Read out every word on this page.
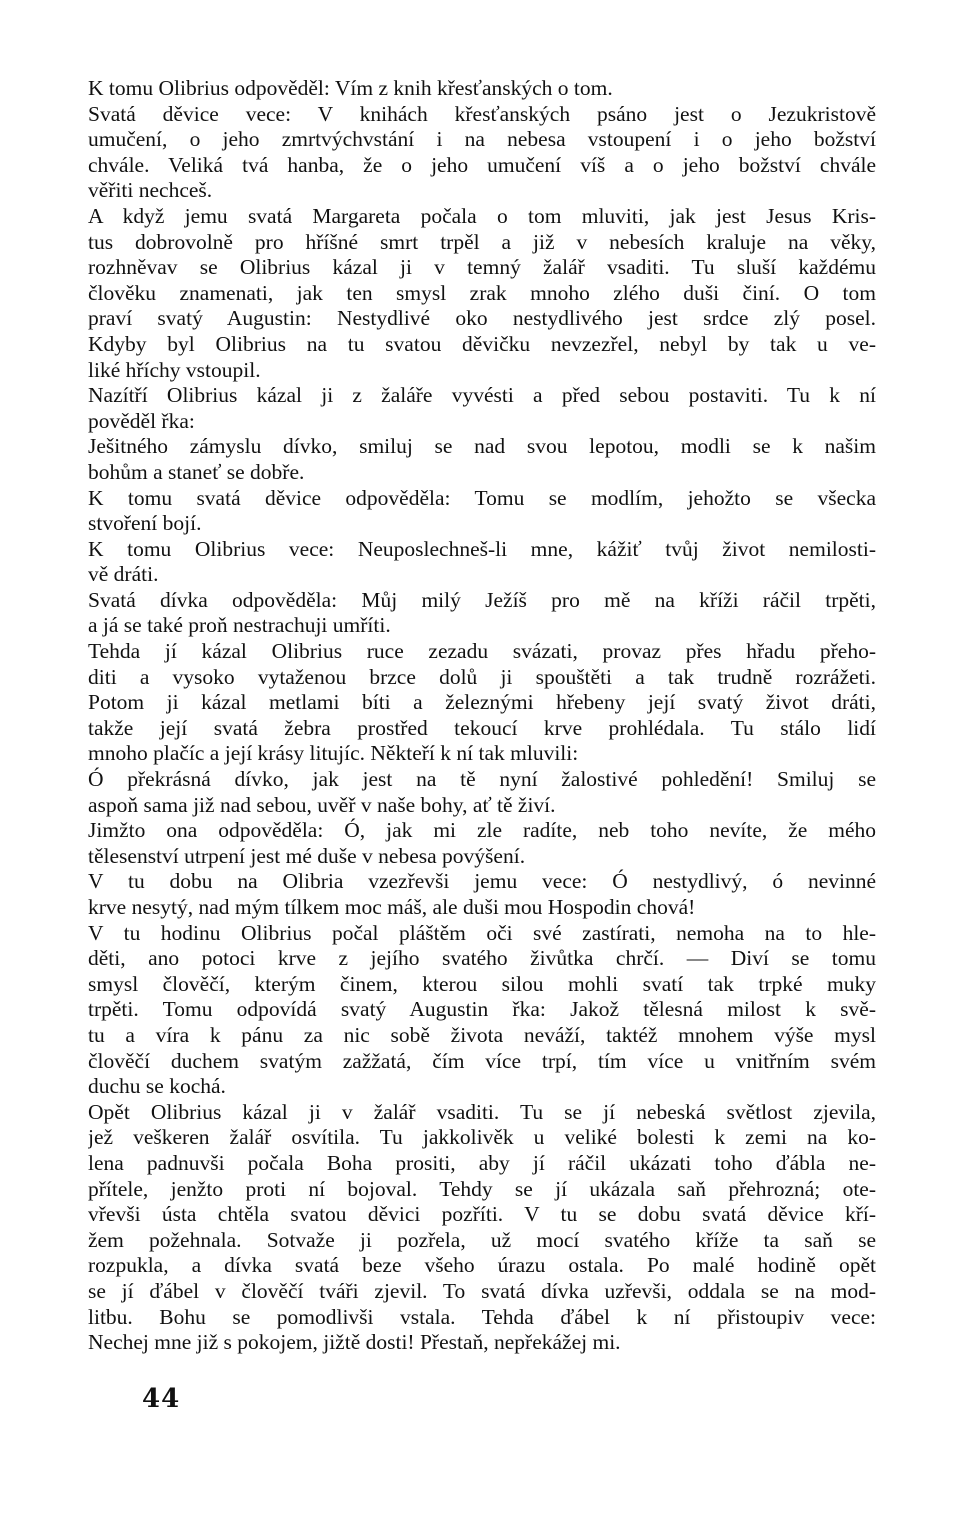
K tomu Olibrius odpověděl: Vím z knih křesťanských o tom.
Svatá děvice vece: V knihách křesťanských psáno jest o Jezukristově
umučení, o jeho zmrtvýchvstání i na nebesa vstoupení i o jeho božství
chvále. Veliká tvá hanba, že o jeho umučení víš a o jeho božství chvále
věřiti nechceš.
A když jemu svatá Margareta počala o tom mluviti, jak jest Jesus Kris-
tus dobrovolně pro hříšné smrt trpěl a již v nebesích kraluje na věky,
rozhněvav se Olibrius kázal ji v temný žalář vsaditi. Tu sluší každému
člověku znamenati, jak ten smysl zrak mnoho zlého duši činí. O tom
praví svatý Augustin: Nestydlivé oko nestydlivého jest srdce zlý posel.
Kdyby byl Olibrius na tu svatou děvičku nevzezřel, nebyl by tak u ve-
liké hříchy vstoupil.
Nazítří Olibrius kázal ji z žaláře vyvésti a před sebou postaviti. Tu k ní
pověděl řka:
Ješitného zámyslu dívko, smiluj se nad svou lepotou, modli se k našim
bohům a staneť se dobře.
K tomu svatá děvice odpověděla: Tomu se modlím, jehožto se všecka
stvoření bojí.
K tomu Olibrius vece: Neuposlechneš-li mne, kážiť tvůj život nemilosti-
vě dráti.
Svatá dívka odpověděla: Můj milý Ježíš pro mě na kříži ráčil trpěti,
a já se také proň nestrachuji umříti.
Tehda jí kázal Olibrius ruce zezadu svázati, provaz přes hřadu přeho-
diti a vysoko vytaženou brzce dolů ji spouštěti a tak trudně rozrážeti.
Potom ji kázal metlami bíti a železnými hřebeny její svatý život dráti,
takže její svatá žebra prostřed tekoucí krve prohlédala. Tu stálo lidí
mnoho plačíc a její krásy litujíc. Někteří k ní tak mluvili:
Ó překrásná dívko, jak jest na tě nyní žalostivé pohledění! Smiluj se
aspoň sama již nad sebou, uvěř v naše bohy, ať tě živí.
Jimžto ona odpověděla: Ó, jak mi zle radíte, neb toho nevíte, že mého
tělesenství utrpení jest mé duše v nebesa povýšení.
V tu dobu na Olibria vzezřevši jemu vece: Ó nestydlivý, ó nevinné
krve nesytý, nad mým tílkem moc máš, ale duši mou Hospodin chová!
V tu hodinu Olibrius počal pláštěm oči své zastírati, nemoha na to hle-
děti, ano potoci krve z jejího svatého živůtka chrčí. — Diví se tomu
smysl člověčí, kterým činem, kterou silou mohli svatí tak trpké muky
trpěti. Tomu odpovídá svatý Augustin řka: Jakož tělesná milost k svě-
tu a víra k pánu za nic sobě života neváží, taktéž mnohem výše mysl
člověčí duchem svatým zažžatá, čím více trpí, tím více u vnitřním svém
duchu se kochá.
Opět Olibrius kázal ji v žalář vsaditi. Tu se jí nebeská světlost zjevila,
jež veškeren žalář osvítila. Tu jakkolivěk u veliké bolesti k zemi na ko-
lena padnuvši počala Boha prositi, aby jí ráčil ukázati toho ďábla ne-
přítele, jenžto proti ní bojoval. Tehdy se jí ukázala saň přehrozná; ote-
vřevši ústa chtěla svatou děvici pozříti. V tu se dobu svatá děvice kří-
žem požehnala. Sotvaže ji pozřela, už mocí svatého kříže ta saň se
rozpukla, a dívka svatá beze všeho úrazu ostala. Po malé hodině opět
se jí ďábel v člověčí tváři zjevil. To svatá dívka uzřevši, oddala se na mod-
litbu. Bohu se pomodlivši vstala. Tehda ďábel k ní přistoupiv vece:
Nechej mne již s pokojem, jižtě dosti! Přestaň, nepřekážej mi.
44
